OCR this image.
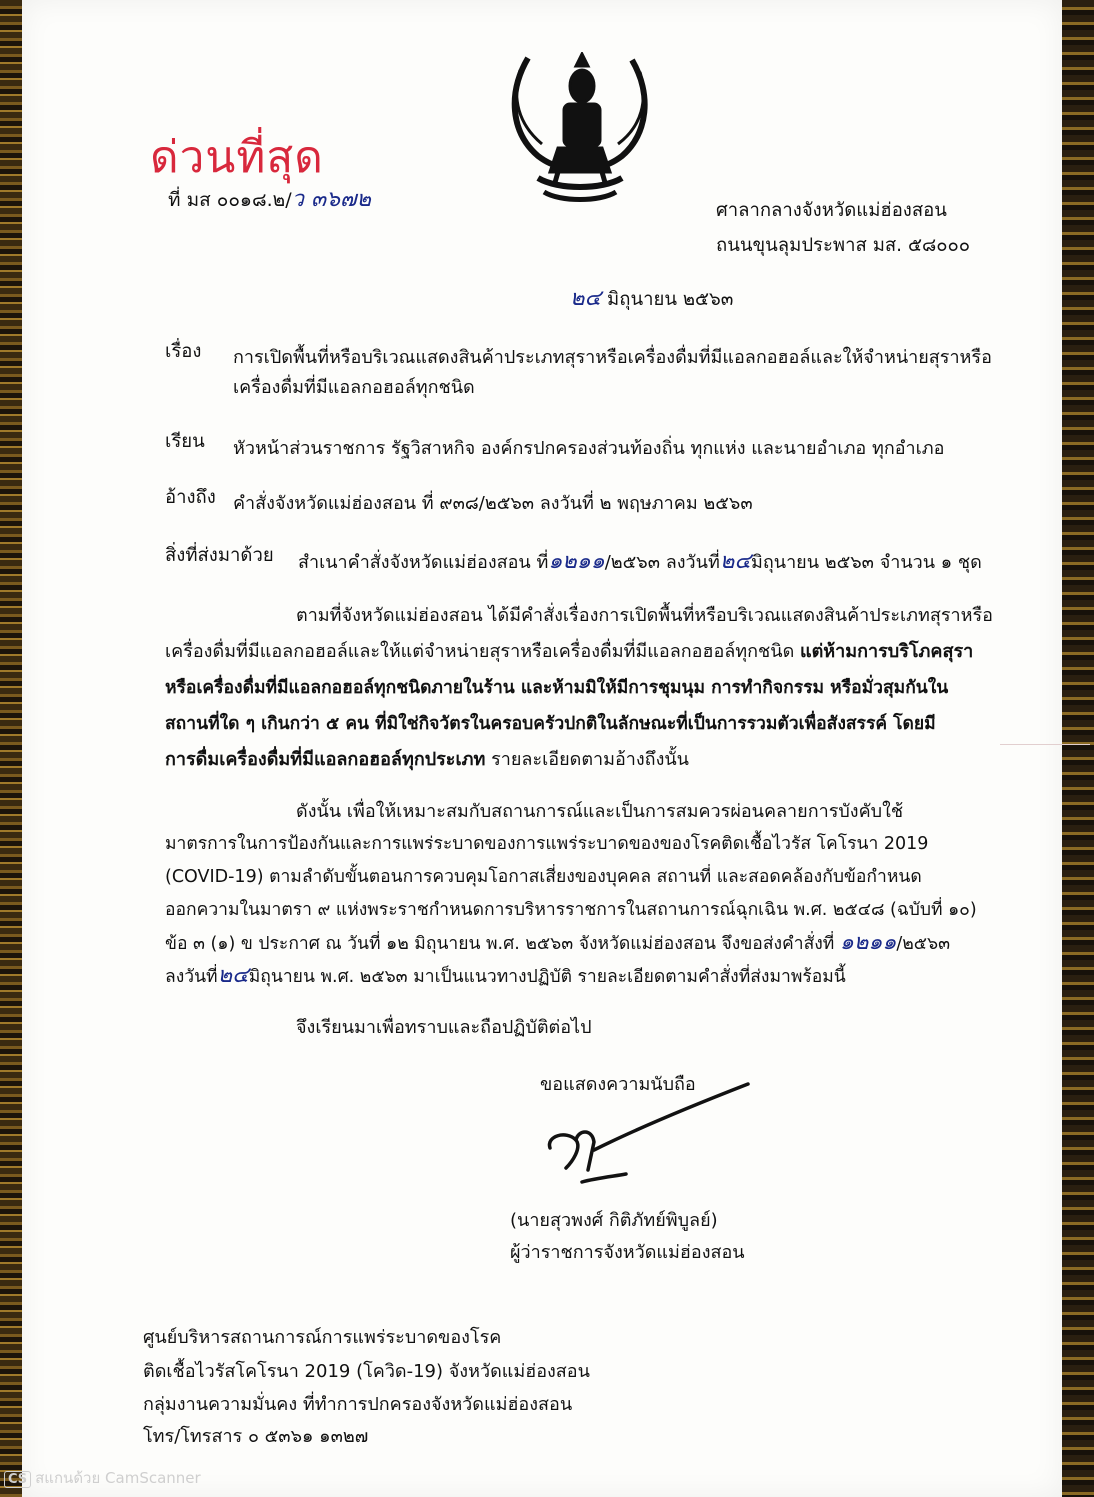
ด่วนที่สุด
ที่ มส ๐๐๑๘.๒/ว ๓๖๗๒	ศาลากลางจังหวัดแม่ฮ่องสอน
ถนนขุนลุมประพาส มส. ๕๘๐๐๐
๒๔ มิถุนายน ๒๕๖๓
เรื่อง การเปิดพื้นที่หรือบริเวณแสดงสินค้าประเภทสุราหรือเครื่องดื่มที่มีแอลกอฮอล์และให้จำหน่ายสุราหรือ
เครื่องดื่มที่มีแอลกอฮอล์ทุกชนิด
เรียน หัวหน้าส่วนราชการ รัฐวิสาหกิจ องค์กรปกครองส่วนท้องถิ่น ทุกแห่ง และนายอำเภอ ทุกอำเภอ
อ้างถึง คำสั่งจังหวัดแม่ฮ่องสอน ที่ ๙๓๘/๒๕๖๓ ลงวันที่ ๒ พฤษภาคม ๒๕๖๓
สิ่งที่ส่งมาด้วย สำเนาคำสั่งจังหวัดแม่ฮ่องสอน ที่๑๒๑๑/๒๕๖๓ ลงวันที่๒๔มิถุนายน ๒๕๖๓ จำนวน ๑ ชุด
ตามที่จังหวัดแม่ฮ่องสอน ได้มีคำสั่งเรื่องการเปิดพื้นที่หรือบริเวณแสดงสินค้าประเภทสุราหรือ
เครื่องดื่มที่มีแอลกอฮอล์และให้แต่จำหน่ายสุราหรือเครื่องดื่มที่มีแอลกอฮอล์ทุกชนิด แต่ห้ามการบริโภคสุรา
หรือเครื่องดื่มที่มีแอลกอฮอล์ทุกชนิดภายในร้าน และห้ามมิให้มีการชุมนุม การทำกิจกรรม หรือมั่วสุมกันใน
สถานที่ใด ๆ เกินกว่า ๕ คน ที่มิใช่กิจวัตรในครอบครัวปกติในลักษณะที่เป็นการรวมตัวเพื่อสังสรรค์ โดยมี
การดื่มเครื่องดื่มที่มีแอลกอฮอล์ทุกประเภท รายละเอียดตามอ้างถึงนั้น
ดังนั้น เพื่อให้เหมาะสมกับสถานการณ์และเป็นการสมควรผ่อนคลายการบังคับใช้
มาตรการในการป้องกันและการแพร่ระบาดของการแพร่ระบาดของของโรคติดเชื้อไวรัส โคโรนา 2019
(COVID-19) ตามลำดับขั้นตอนการควบคุมโอกาสเสี่ยงของบุคคล สถานที่ และสอดคล้องกับข้อกำหนด
ออกความในมาตรา ๙ แห่งพระราชกำหนดการบริหารราชการในสถานการณ์ฉุกเฉิน พ.ศ. ๒๕๔๘ (ฉบับที่ ๑๐)
ข้อ ๓ (๑) ข ประกาศ ณ วันที่ ๑๒ มิถุนายน พ.ศ. ๒๕๖๓ จังหวัดแม่ฮ่องสอน จึงขอส่งคำสั่งที่ ๑๒๑๑/๒๕๖๓
ลงวันที่๒๔มิถุนายน พ.ศ. ๒๕๖๓ มาเป็นแนวทางปฏิบัติ รายละเอียดตามคำสั่งที่ส่งมาพร้อมนี้
จึงเรียนมาเพื่อทราบและถือปฏิบัติต่อไป
ขอแสดงความนับถือ
(นายสุวพงศ์ กิติภัทย์พิบูลย์)
ผู้ว่าราชการจังหวัดแม่ฮ่องสอน
ศูนย์บริหารสถานการณ์การแพร่ระบาดของโรค
ติดเชื้อไวรัสโคโรนา 2019 (โควิด-19) จังหวัดแม่ฮ่องสอน
กลุ่มงานความมั่นคง ที่ทำการปกครองจังหวัดแม่ฮ่องสอน
โทร/โทรสาร ๐ ๕๓๖๑ ๑๓๒๗
CS สแกนด้วย CamScanner
